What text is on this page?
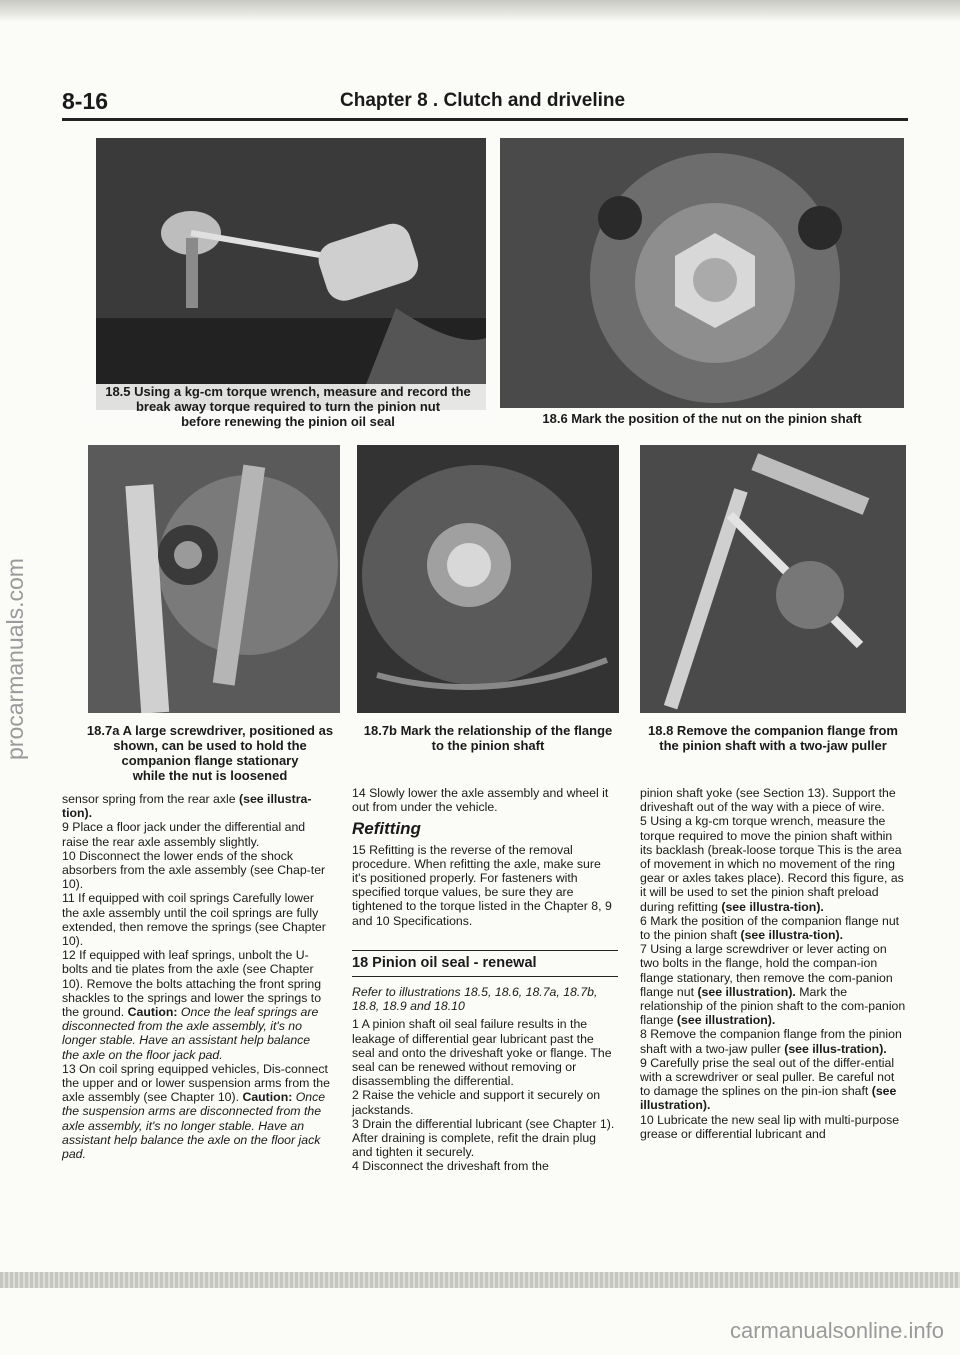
8-16	Chapter 8 . Clutch and driveline
18.5 Using a kg-cm torque wrench, measure and record the
break away torque required to turn the pinion nut
before renewing the pinion oil seal	18.6 Mark the position of the nut on the pinion shaft
18.7a A large screwdriver, positioned as
shown, can be used to hold the
companion flange stationary
while the nut is loosened
18.7b Mark the relationship of the flange
to the pinion shaft
18.8 Remove the companion flange from
the pinion shaft with a two-jaw puller

sensor spring from the rear axle (see illustra-tion).

9 Place a floor jack under the differential and raise the rear axle assembly slightly.

10 Disconnect the lower ends of the shock absorbers from the axle assembly (see Chap-ter 10).

11 If equipped with coil springs Carefully lower the axle assembly until the coil springs are fully extended, then remove the springs (see Chapter 10).

12 If equipped with leaf springs, unbolt the U-bolts and tie plates from the axle (see Chapter 10). Remove the bolts attaching the front spring shackles to the springs and lower the springs to the ground. Caution: Once the leaf springs are disconnected from the axle assembly, it's no longer stable. Have an assistant help balance the axle on the floor jack pad.

13 On coil spring equipped vehicles, Dis-connect the upper and or lower suspension arms from the axle assembly (see Chapter 10). Caution: Once the suspension arms are disconnected from the axle assembly, it's no longer stable. Have an assistant help balance the axle on the floor jack pad.

14 Slowly lower the axle assembly and wheel it out from under the vehicle.

Refitting

15 Refitting is the reverse of the removal procedure. When refitting the axle, make sure it's positioned properly. For fasteners with specified torque values, be sure they are tightened to the torque listed in the Chapter 8, 9 and 10 Specifications.

18 Pinion oil seal - renewal

Refer to illustrations 18.5, 18.6, 18.7a, 18.7b, 18.8, 18.9 and 18.10

1 A pinion shaft oil seal failure results in the leakage of differential gear lubricant past the seal and onto the driveshaft yoke or flange. The seal can be renewed without removing or disassembling the differential.

2 Raise the vehicle and support it securely on jackstands.

3 Drain the differential lubricant (see Chapter 1). After draining is complete, refit the drain plug and tighten it securely.

4 Disconnect the driveshaft from the

pinion shaft yoke (see Section 13). Support the driveshaft out of the way with a piece of wire.

5 Using a kg-cm torque wrench, measure the torque required to move the pinion shaft within its backlash (break-loose torque This is the area of movement in which no movement of the ring gear or axles takes place). Record this figure, as it will be used to set the pinion shaft preload during refitting (see illustra-tion).

6 Mark the position of the companion flange nut to the pinion shaft (see illustra-tion).

7 Using a large screwdriver or lever acting on two bolts in the flange, hold the compan-ion flange stationary, then remove the com-panion flange nut (see illustration). Mark the relationship of the pinion shaft to the com-panion flange (see illustration).

8 Remove the companion flange from the pinion shaft with a two-jaw puller (see illus-tration).

9 Carefully prise the seal out of the differ-ential with a screwdriver or seal puller. Be careful not to damage the splines on the pin-ion shaft (see illustration).

10 Lubricate the new seal lip with multi-purpose grease or differential lubricant and

procarmanuals.com
carmanualsonline.info
